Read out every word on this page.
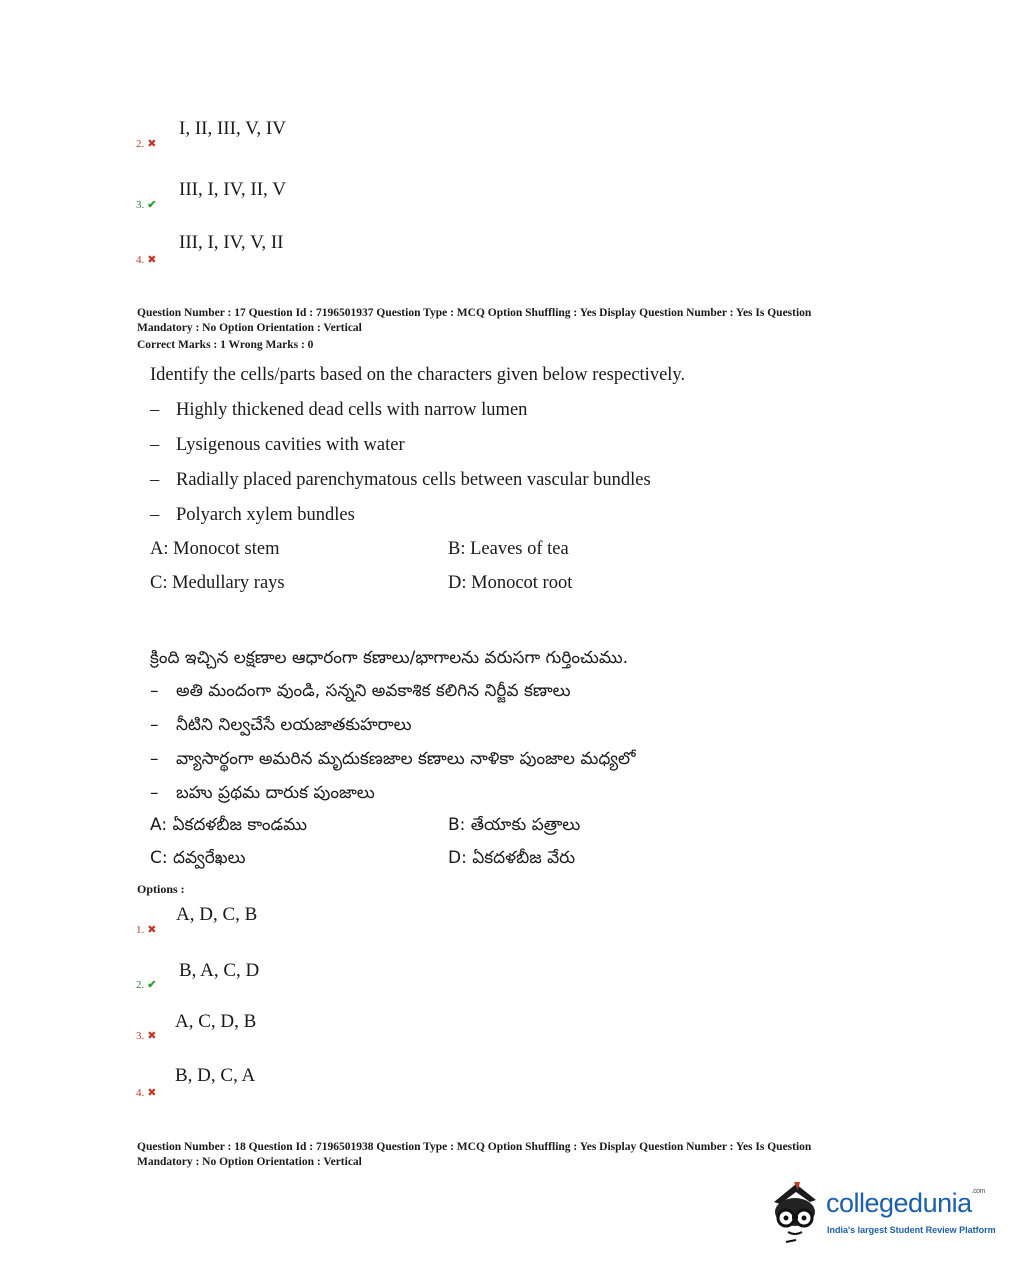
I, II, III, V, IV
2. ✖
III, I, IV, II, V
3. ✔
III, I, IV, V, II
4. ✖
Question Number : 17 Question Id : 7196501937 Question Type : MCQ Option Shuffling : Yes Display Question Number : Yes Is Question
Mandatory : No Option Orientation : Vertical
Correct Marks : 1 Wrong Marks : 0
Identify the cells/parts based on the characters given below respectively.
– Highly thickened dead cells with narrow lumen
– Lysigenous cavities with water
– Radially placed parenchymatous cells between vascular bundles
– Polyarch xylem bundles
A: Monocot stem	B: Leaves of tea
C: Medullary rays	D: Monocot root
క్రింది ఇచ్చిన లక్షణాల ఆధారంగా కణాలు/భాగాలను వరుసగా గుర్తించుము.
– అతి మందంగా వుండి, సన్నని అవకాశిక కలిగిన నిర్జీవ కణాలు
– నీటిని నిల్వచేసే లయజాతకుహరాలు
– వ్యాసార్థంగా అమరిన మృదుకణజాల కణాలు నాళికా పుంజాల మధ్యలో
– బహు ప్రథమ దారుక పుంజాలు
A: ఏకదళబీజ కాండము	B: తేయాకు పత్రాలు
C: దవ్వరేఖలు	D: ఏకదళబీజ వేరు
Options :
A, D, C, B
1. ✖
B, A, C, D
2. ✔
A, C, D, B
3. ✖
B, D, C, A
4. ✖
Question Number : 18 Question Id : 7196501938 Question Type : MCQ Option Shuffling : Yes Display Question Number : Yes Is Question
Mandatory : No Option Orientation : Vertical
collegedunia$^{.com}$
India's largest Student Review Platform
